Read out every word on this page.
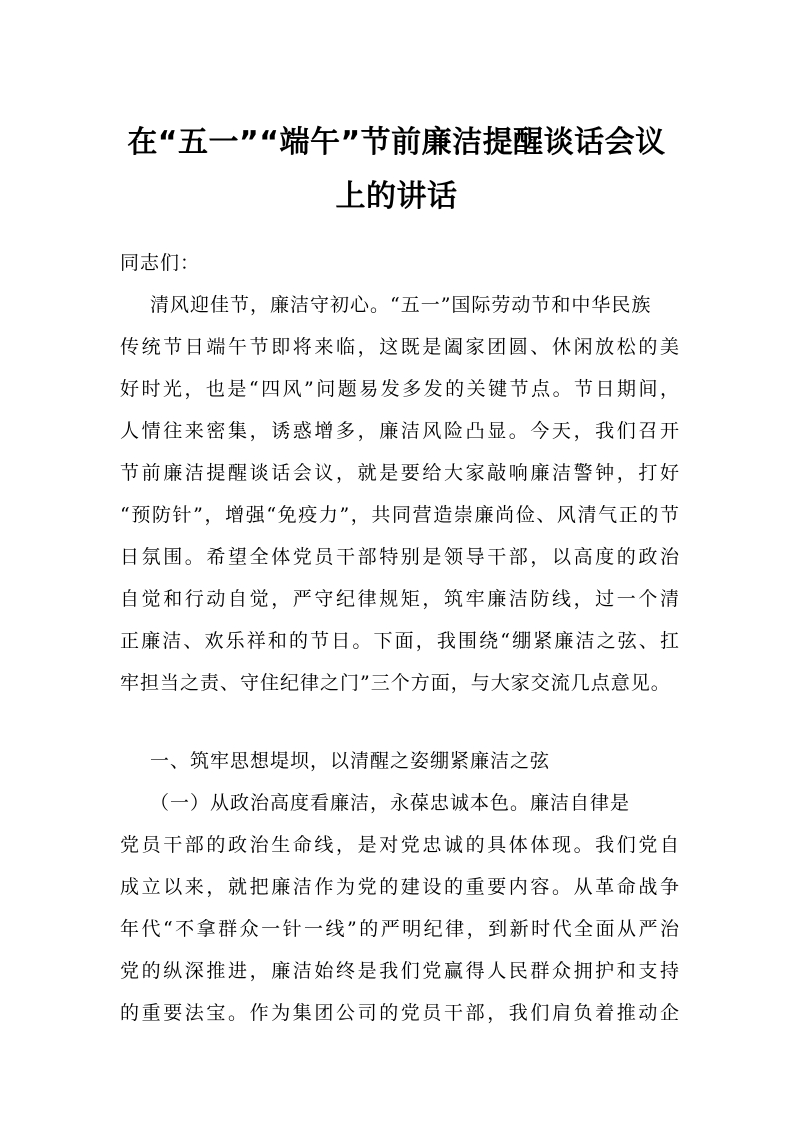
在“五一”“端午”节前廉洁提醒谈话会议
上的讲话
同志们：
清风迎佳节，廉洁守初心。“五一”国际劳动节和中华民族
传统节日端午节即将来临，这既是阖家团圆、休闲放松的美
好时光，也是“四风”问题易发多发的关键节点。节日期间，
人情往来密集，诱惑增多，廉洁风险凸显。今天，我们召开
节前廉洁提醒谈话会议，就是要给大家敲响廉洁警钟，打好
“预防针”，增强“免疫力”，共同营造崇廉尚俭、风清气正的节
日氛围。希望全体党员干部特别是领导干部，以高度的政治
自觉和行动自觉，严守纪律规矩，筑牢廉洁防线，过一个清
正廉洁、欢乐祥和的节日。下面，我围绕“绷紧廉洁之弦、扛
牢担当之责、守住纪律之门”三个方面，与大家交流几点意见。
一、筑牢思想堤坝，以清醒之姿绷紧廉洁之弦
（一）从政治高度看廉洁，永葆忠诚本色。廉洁自律是
党员干部的政治生命线，是对党忠诚的具体体现。我们党自
成立以来，就把廉洁作为党的建设的重要内容。从革命战争
年代“不拿群众一针一线”的严明纪律，到新时代全面从严治
党的纵深推进，廉洁始终是我们党赢得人民群众拥护和支持
的重要法宝。作为集团公司的党员干部，我们肩负着推动企
